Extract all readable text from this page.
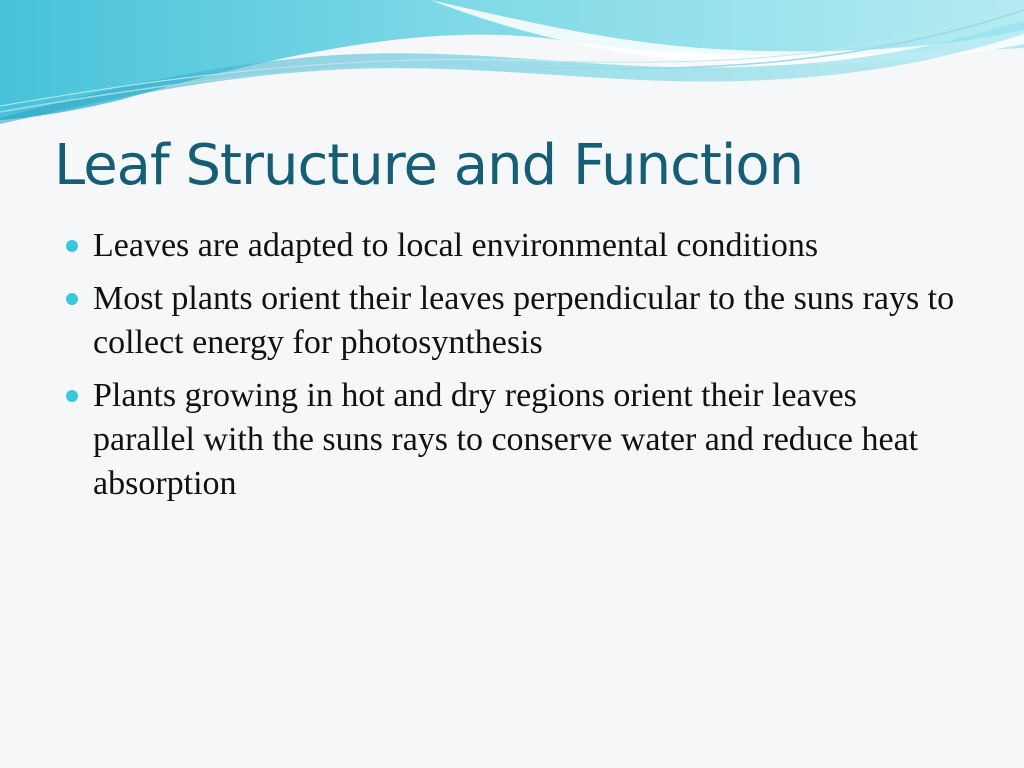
Leaf Structure and Function
Leaves are adapted to local environmental conditions
Most plants orient their leaves perpendicular to the suns rays to collect energy for photosynthesis
Plants growing in hot and dry regions orient their leaves parallel with the suns rays to conserve water and reduce heat absorption
